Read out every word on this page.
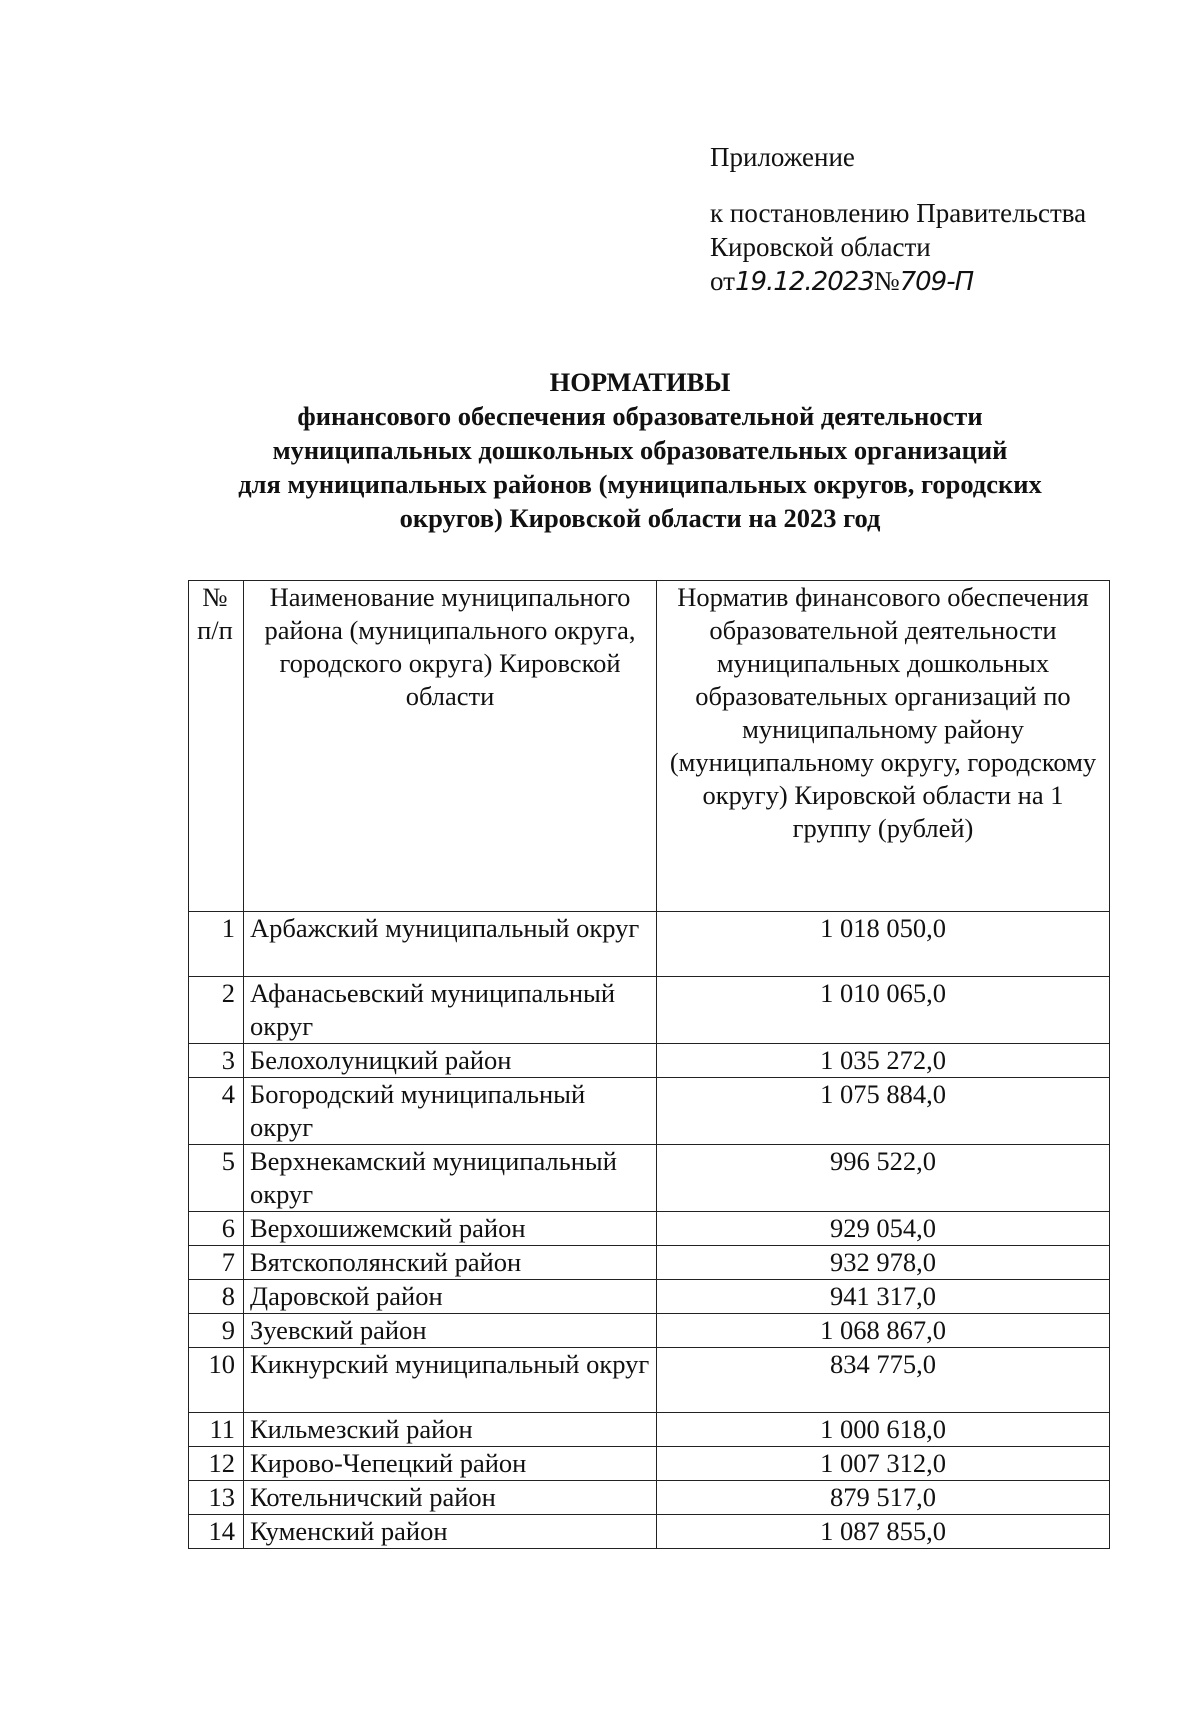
Приложение
к постановлению Правительства
Кировской области
от19.12.2023№709-П
НОРМАТИВЫ
финансового обеспечения образовательной деятельности
муниципальных дошкольных образовательных организаций
для муниципальных районов (муниципальных округов, городских
округов) Кировской области на 2023 год
№ п/п	Наименование муниципального района (муниципального округа, городского округа) Кировской области	Норматив финансового обеспечения образовательной деятельности муниципальных дошкольных образовательных организаций по муниципальному району (муниципальному округу, городскому округу) Кировской области на 1 группу (рублей)
1	Арбажский муниципальный округ	1 018 050,0
2	Афанасьевский муниципальный округ	1 010 065,0
3	Белохолуницкий район	1 035 272,0
4	Богородский муниципальный округ	1 075 884,0
5	Верхнекамский муниципальный округ	996 522,0
6	Верхошижемский район	929 054,0
7	Вятскополянский район	932 978,0
8	Даровской район	941 317,0
9	Зуевский район	1 068 867,0
10	Кикнурский муниципальный округ	834 775,0
11	Кильмезский район	1 000 618,0
12	Кирово-Чепецкий район	1 007 312,0
13	Котельничский район	879 517,0
14	Куменский район	1 087 855,0
